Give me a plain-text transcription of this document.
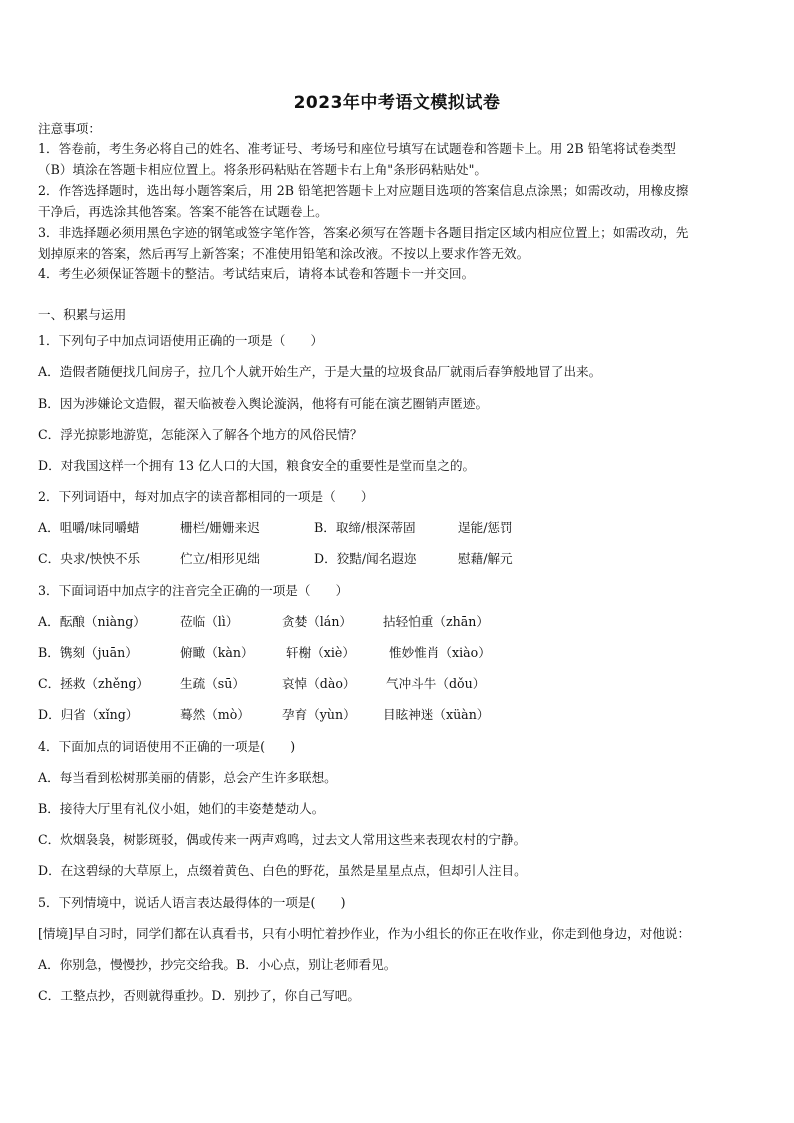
2023年中考语文模拟试卷
注意事项：
1．答卷前，考生务必将自己的姓名、准考证号、考场号和座位号填写在试题卷和答题卡上。用 2B 铅笔将试卷类型
（B）填涂在答题卡相应位置上。将条形码粘贴在答题卡右上角"条形码粘贴处"。
2．作答选择题时，选出每小题答案后，用 2B 铅笔把答题卡上对应题目选项的答案信息点涂黑；如需改动，用橡皮擦
干净后，再选涂其他答案。答案不能答在试题卷上。
3．非选择题必须用黑色字迹的钢笔或签字笔作答，答案必须写在答题卡各题目指定区域内相应位置上；如需改动，先
划掉原来的答案，然后再写上新答案；不准使用铅笔和涂改液。不按以上要求作答无效。
4．考生必须保证答题卡的整洁。考试结束后，请将本试卷和答题卡一并交回。
一、积累与运用
1．下列句子中加点词语使用正确的一项是（　　）
A．造假者随便找几间房子，拉几个人就开始生产，于是大量的垃圾食品厂就雨后春笋般地冒了出来。
B．因为涉嫌论文造假，翟天临被卷入舆论漩涡，他将有可能在演艺圈销声匿迹。
C．浮光掠影地游览，怎能深入了解各个地方的风俗民情？
D．对我国这样一个拥有 13 亿人口的大国，粮食安全的重要性是堂而皇之的。
2．下列词语中，每对加点字的读音都相同的一项是（　　）
A．咀嚼/味同嚼蜡	栅栏/姗姗来迟	B．取缔/根深蒂固	逞能/惩罚
C．央求/怏怏不乐	伫立/相形见绌	D．狡黠/闻名遐迩	慰藉/解元
3．下面词语中加点字的注音完全正确的一项是（　　）
A．酝酿（niàng）	莅临（lì）	贪婪（lán） 拈轻怕重（zhān）
B．镌刻（juān）	俯瞰（kàn）	轩榭（xiè）	惟妙惟肖（xiào）
C．拯救（zhěng） 生疏（sū）	哀悼（dào） 气冲斗牛（dǒu）
D．归省（xǐng）	蓦然（mò）	孕育（yùn） 目眩神迷（xüàn）
4．下面加点的词语使用不正确的一项是(　　)
A．每当看到松树那美丽的倩影，总会产生许多联想。
B．接待大厅里有礼仪小姐，她们的丰姿楚楚动人。
C．炊烟袅袅，树影斑驳，偶或传来一两声鸡鸣，过去文人常用这些来表现农村的宁静。
D．在这碧绿的大草原上，点缀着黄色、白色的野花，虽然是星星点点，但却引人注目。
5．下列情境中，说话人语言表达最得体的一项是(　　)
[情境]早自习时，同学们都在认真看书，只有小明忙着抄作业，作为小组长的你正在收作业，你走到他身边，对他说：
A．你别急，慢慢抄，抄完交给我。B．小心点，别让老师看见。
C．工整点抄，否则就得重抄。D．别抄了，你自己写吧。
